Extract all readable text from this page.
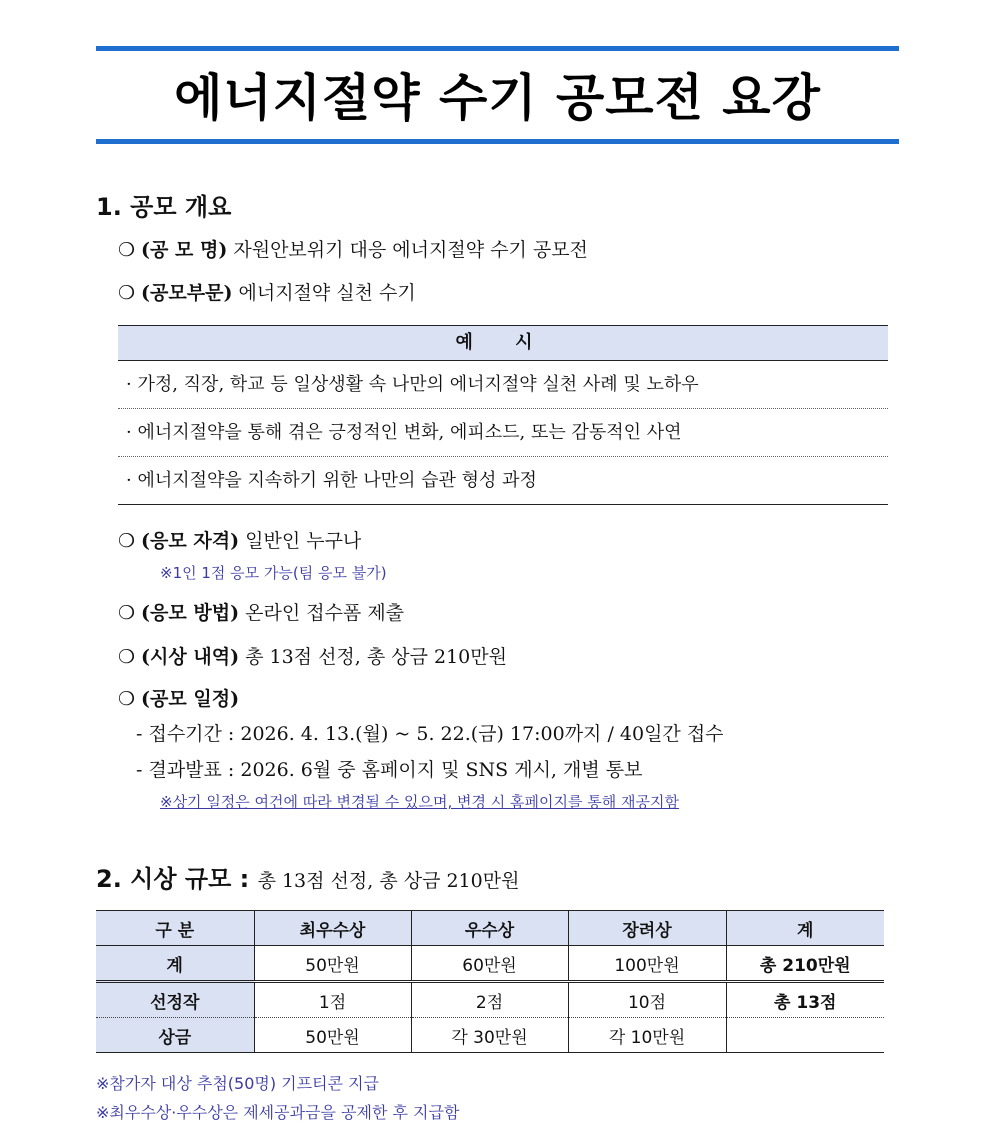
에너지절약 수기 공모전 요강
1. 공모 개요
❍ (공 모 명) 자원안보위기 대응 에너지절약 수기 공모전
❍ (공모부문) 에너지절약 실천 수기
예 시
· 가정, 직장, 학교 등 일상생활 속 나만의 에너지절약 실천 사례 및 노하우
· 에너지절약을 통해 겪은 긍정적인 변화, 에피소드, 또는 감동적인 사연
· 에너지절약을 지속하기 위한 나만의 습관 형성 과정
❍ (응모 자격) 일반인 누구나
※1인 1점 응모 가능(팀 응모 불가)
❍ (응모 방법) 온라인 접수폼 제출
❍ (시상 내역) 총 13점 선정, 총 상금 210만원
❍ (공모 일정)
- 접수기간 : 2026. 4. 13.(월) ~ 5. 22.(금) 17:00까지 / 40일간 접수
- 결과발표 : 2026. 6월 중 홈페이지 및 SNS 게시, 개별 통보
※상기 일정은 여건에 따라 변경될 수 있으며, 변경 시 홈페이지를 통해 재공지함
2. 시상 규모 : 총 13점 선정, 총 상금 210만원
구 분	최우수상	우수상	장려상	계
계	50만원	60만원	100만원	총 210만원
선정작	1점	2점	10점	총 13점
상금	50만원	각 30만원	각 10만원	
※참가자 대상 추첨(50명) 기프티콘 지급
※최우수상·우수상은 제세공과금을 공제한 후 지급함
